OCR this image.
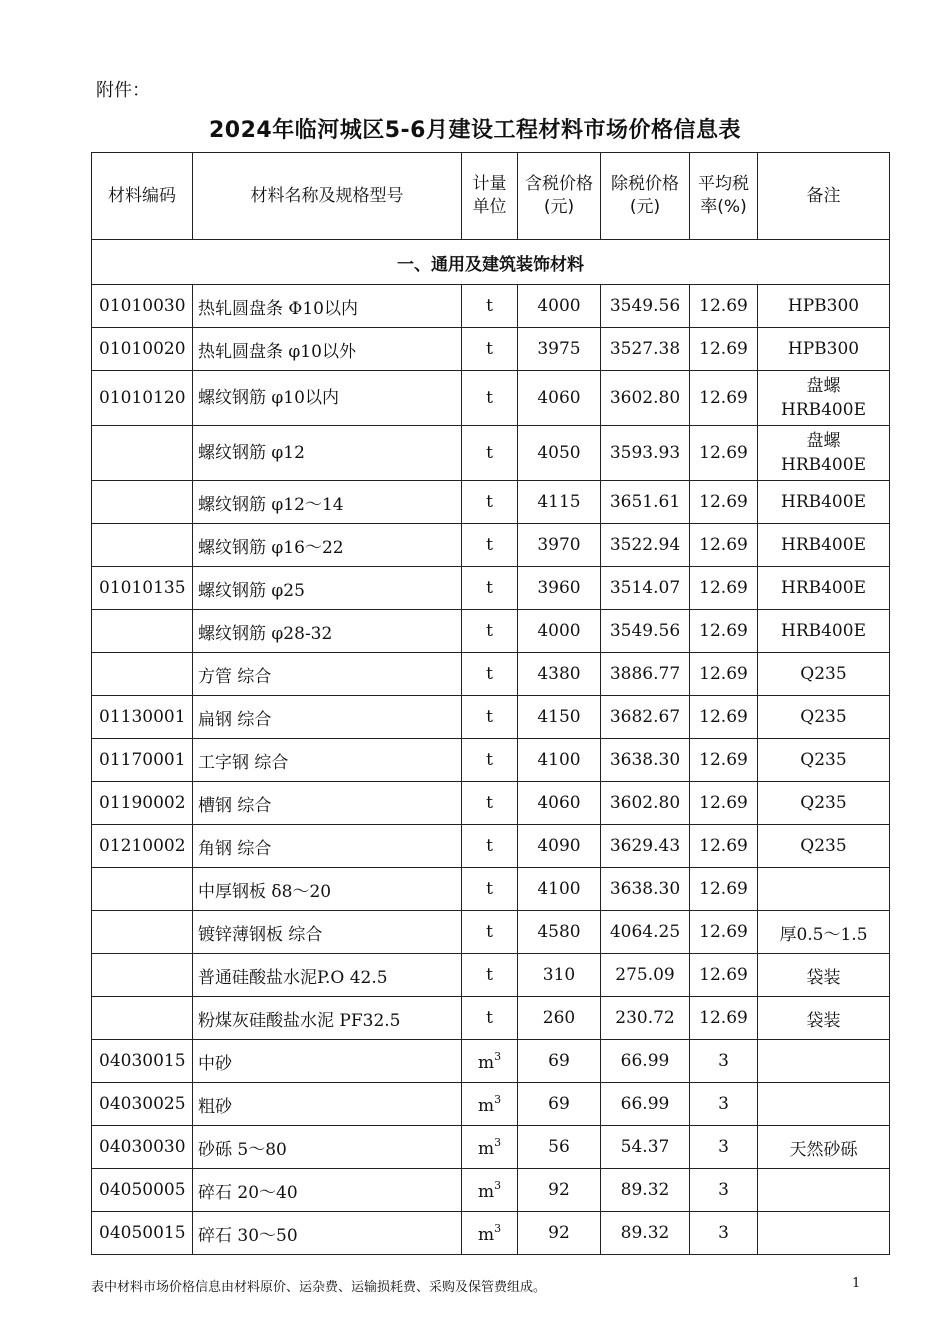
附件：
2024年临河城区5-6月建设工程材料市场价格信息表
材料编码	材料名称及规格型号	计量单位	含税价格(元)	除税价格(元)	平均税率(%)	备注
一、通用及建筑装饰材料						
01010030	热轧圆盘条 Φ10以内	t	4000	3549.56	12.69	HPB300
01010020	热轧圆盘条 φ10以外	t	3975	3527.38	12.69	HPB300
01010120	螺纹钢筋 φ10以内	t	4060	3602.80	12.69	盘螺 HRB400E
	螺纹钢筋 φ12	t	4050	3593.93	12.69	盘螺 HRB400E
	螺纹钢筋 φ12～14	t	4115	3651.61	12.69	HRB400E
	螺纹钢筋 φ16～22	t	3970	3522.94	12.69	HRB400E
01010135	螺纹钢筋 φ25	t	3960	3514.07	12.69	HRB400E
	螺纹钢筋 φ28-32	t	4000	3549.56	12.69	HRB400E
	方管 综合	t	4380	3886.77	12.69	Q235
01130001	扁钢 综合	t	4150	3682.67	12.69	Q235
01170001	工字钢 综合	t	4100	3638.30	12.69	Q235
01190002	槽钢 综合	t	4060	3602.80	12.69	Q235
01210002	角钢 综合	t	4090	3629.43	12.69	Q235
	中厚钢板 δ8～20	t	4100	3638.30	12.69	
	镀锌薄钢板 综合	t	4580	4064.25	12.69	厚0.5～1.5
	普通硅酸盐水泥P.O 42.5	t	310	275.09	12.69	袋装
	粉煤灰硅酸盐水泥 PF32.5	t	260	230.72	12.69	袋装
04030015	中砂	$m^3$	69	66.99	3	
04030025	粗砂	$m^3$	69	66.99	3	
04030030	砂砾 5～80	$m^3$	56	54.37	3	天然砂砾
04050005	碎石 20～40	$m^3$	92	89.32	3	
04050015	碎石 30～50	$m^3$	92	89.32	3	
表中材料市场价格信息由材料原价、运杂费、运输损耗费、采购及保管费组成。	1
